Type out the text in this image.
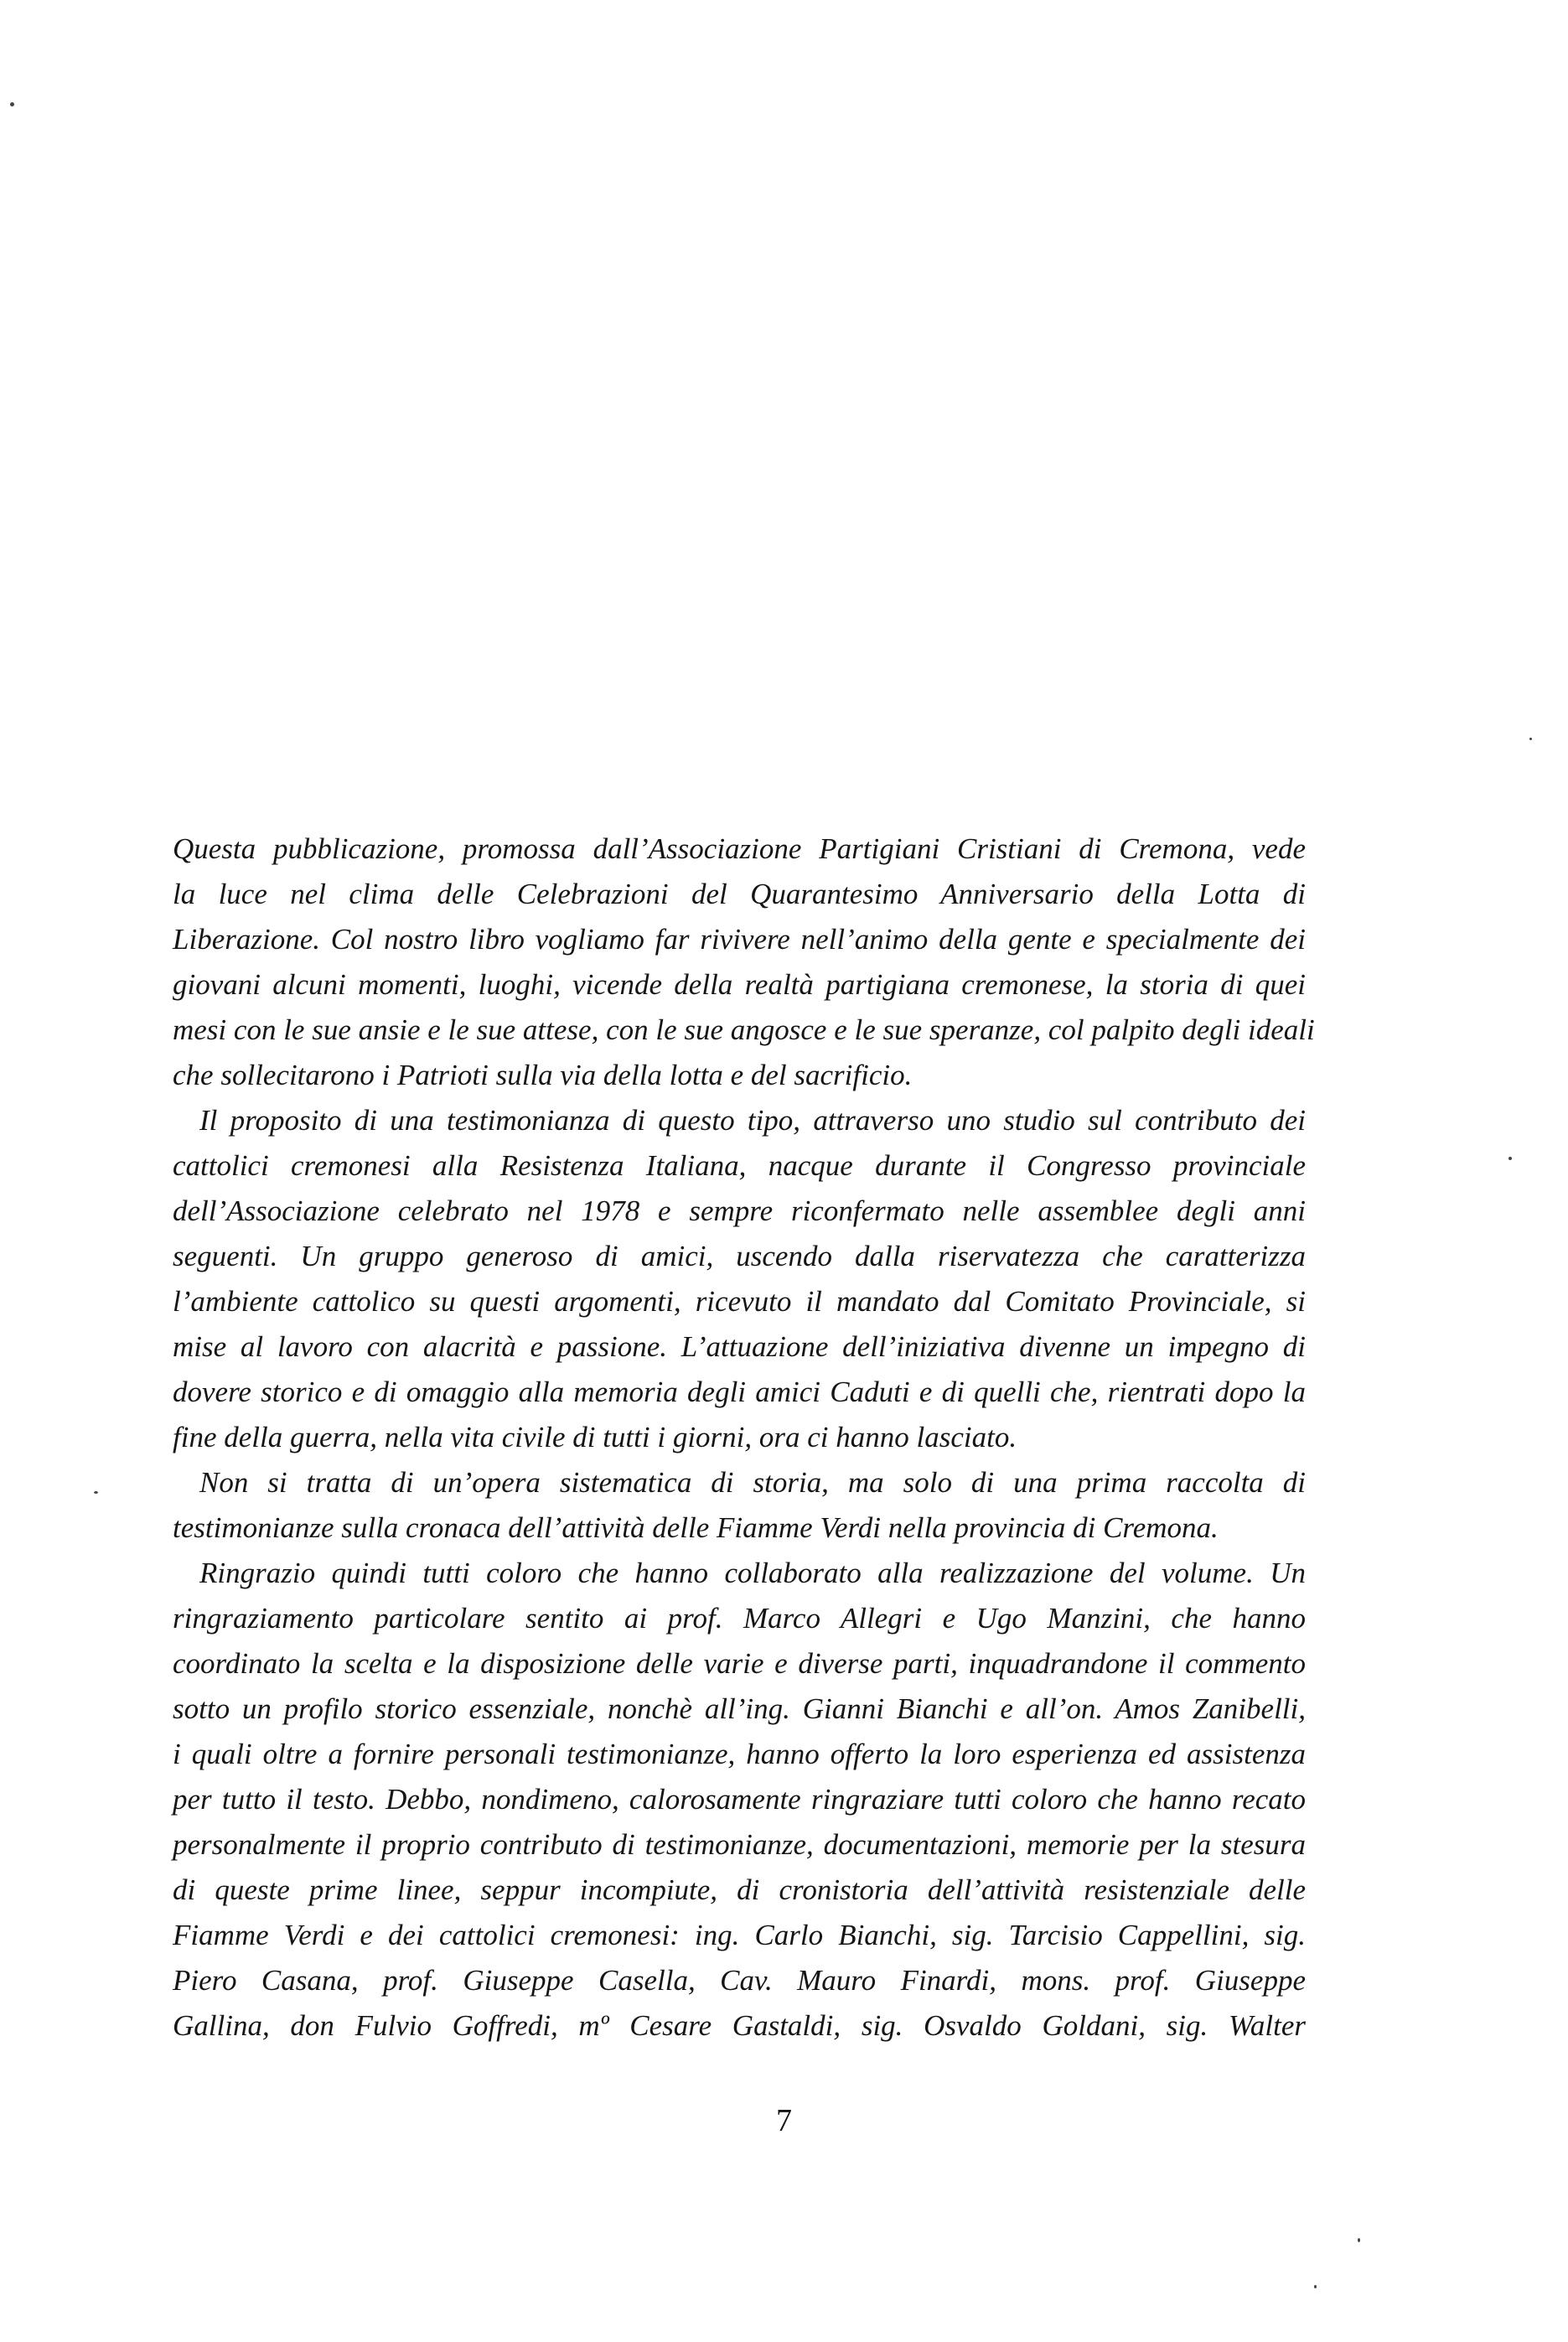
Questa pubblicazione, promossa dall’Associazione Partigiani Cristiani di Cremona, vede
la luce nel clima delle Celebrazioni del Quarantesimo Anniversario della Lotta di
Liberazione. Col nostro libro vogliamo far rivivere nell’animo della gente e specialmente dei
giovani alcuni momenti, luoghi, vicende della realtà partigiana cremonese, la storia di quei
mesi con le sue ansie e le sue attese, con le sue angosce e le sue speranze, col palpito degli ideali
che sollecitarono i Patrioti sulla via della lotta e del sacrificio.

Il proposito di una testimonianza di questo tipo, attraverso uno studio sul contributo dei
cattolici cremonesi alla Resistenza Italiana, nacque durante il Congresso provinciale
dell’Associazione celebrato nel 1978 e sempre riconfermato nelle assemblee degli anni
seguenti. Un gruppo generoso di amici, uscendo dalla riservatezza che caratterizza
l’ambiente cattolico su questi argomenti, ricevuto il mandato dal Comitato Provinciale, si
mise al lavoro con alacrità e passione. L’attuazione dell’iniziativa divenne un impegno di
dovere storico e di omaggio alla memoria degli amici Caduti e di quelli che, rientrati dopo la
fine della guerra, nella vita civile di tutti i giorni, ora ci hanno lasciato.

Non si tratta di un’opera sistematica di storia, ma solo di una prima raccolta di
testimonianze sulla cronaca dell’attività delle Fiamme Verdi nella provincia di Cremona.

Ringrazio quindi tutti coloro che hanno collaborato alla realizzazione del volume. Un
ringraziamento particolare sentito ai prof. Marco Allegri e Ugo Manzini, che hanno
coordinato la scelta e la disposizione delle varie e diverse parti, inquadrandone il commento
sotto un profilo storico essenziale, nonchè all’ing. Gianni Bianchi e all’on. Amos Zanibelli,
i quali oltre a fornire personali testimonianze, hanno offerto la loro esperienza ed assistenza
per tutto il testo. Debbo, nondimeno, calorosamente ringraziare tutti coloro che hanno recato
personalmente il proprio contributo di testimonianze, documentazioni, memorie per la stesura
di queste prime linee, seppur incompiute, di cronistoria dell’attività resistenziale delle
Fiamme Verdi e dei cattolici cremonesi: ing. Carlo Bianchi, sig. Tarcisio Cappellini, sig.
Piero Casana, prof. Giuseppe Casella, Cav. Mauro Finardi, mons. prof. Giuseppe
Gallina, don Fulvio Goffredi, mº Cesare Gastaldi, sig. Osvaldo Goldani, sig. Walter

7
